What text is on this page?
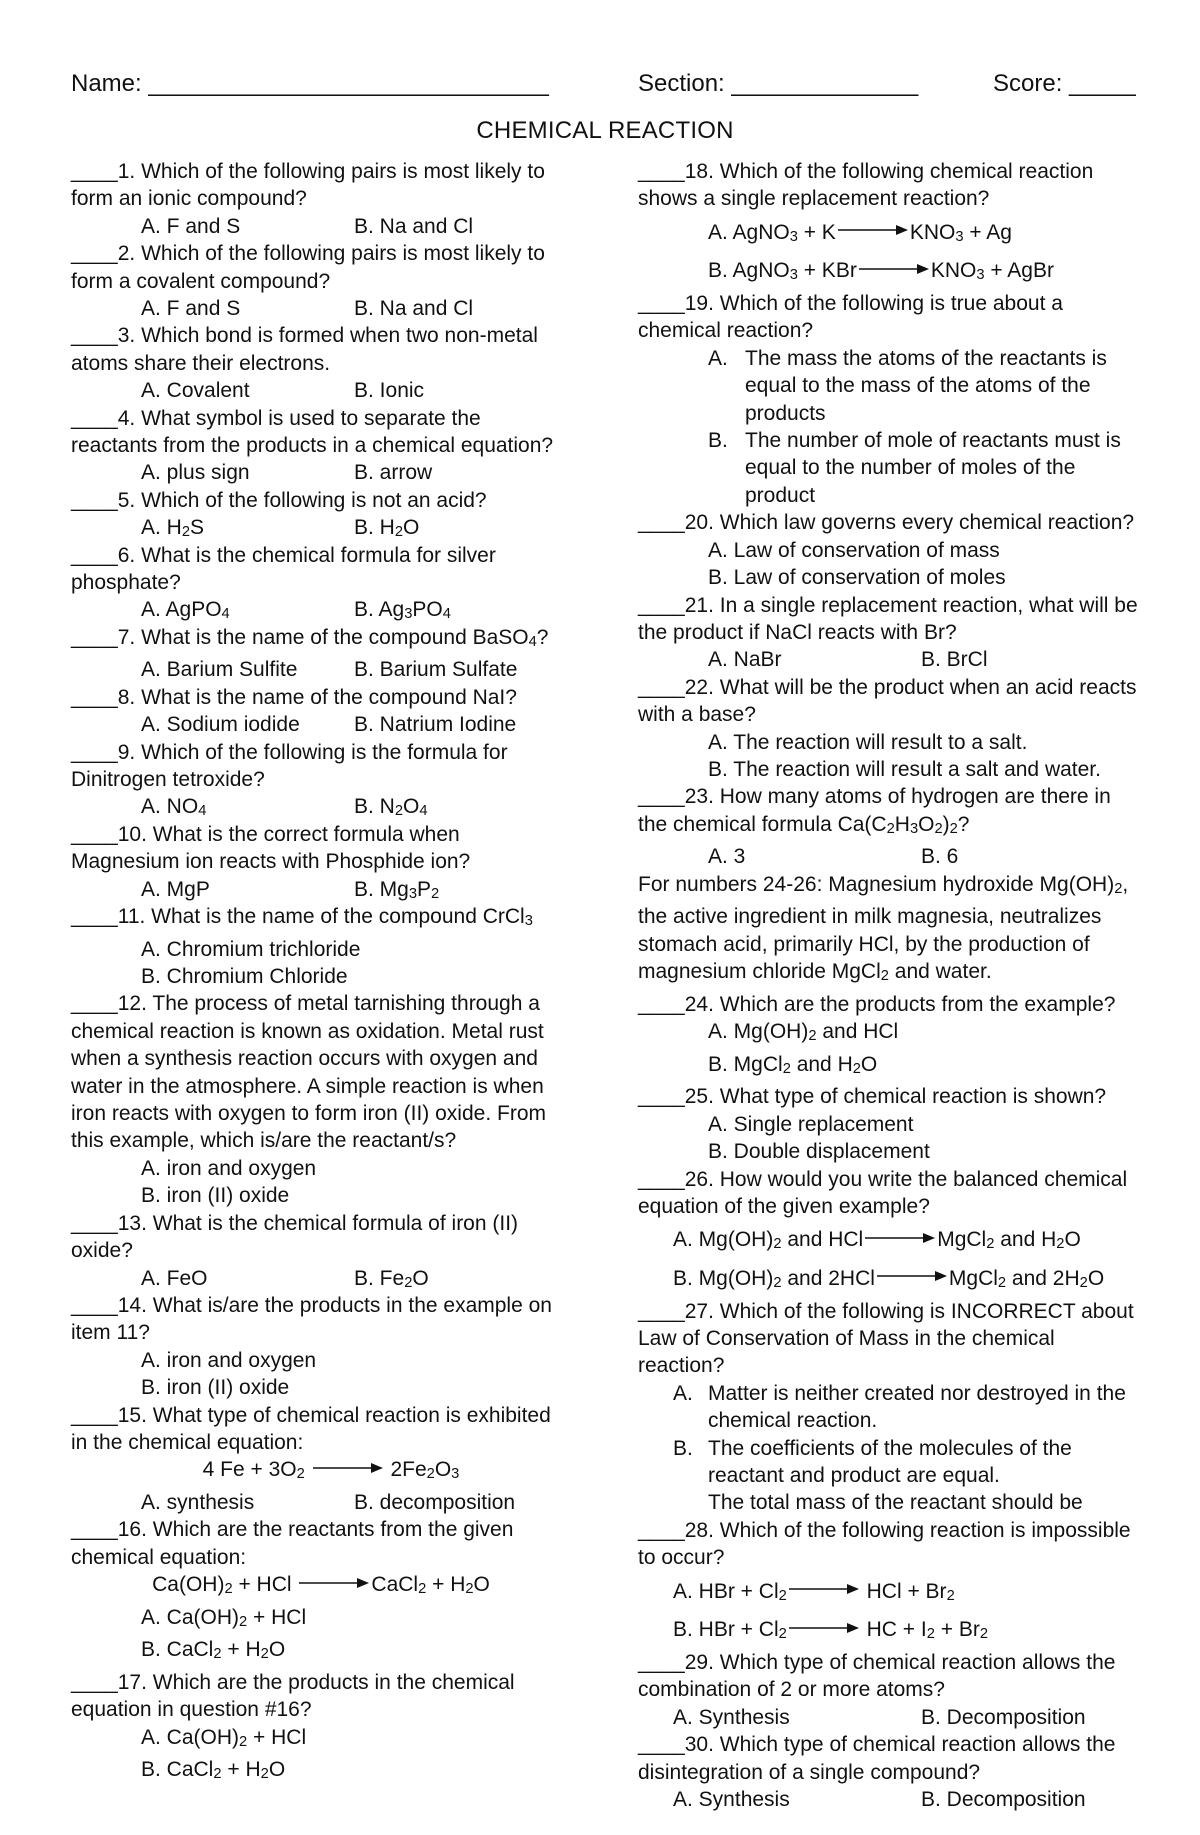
Name: ______________________________	Section: ______________	Score: _____
CHEMICAL REACTION

____1. Which of the following pairs is most likely to form an ionic compound?

A. F and S	B. Na and Cl

____2. Which of the following pairs is most likely to form a covalent compound?

A. F and S	B. Na and Cl

____3. Which bond is formed when two non-metal atoms share their electrons.

A. Covalent	B. Ionic

____4. What symbol is used to separate the reactants from the products in a chemical equation?

A. plus sign	B. arrow

____5. Which of the following is not an acid?

A. $H_2S$	B. $H_2O$

____6. What is the chemical formula for silver phosphate?

A. AgPO$_4$	B. $Ag_3PO_4$

____7. What is the name of the compound BaSO$_4$?

A. Barium Sulfite	B. Barium Sulfate

____8. What is the name of the compound NaI?

A. Sodium iodide	B. Natrium Iodine

____9. Which of the following is the formula for Dinitrogen tetroxide?

A. $NO_4$	B. $N_2O_4$

____10. What is the correct formula when Magnesium ion reacts with Phosphide ion?

A. MgP	B. $Mg_3P_2$

____11. What is the name of the compound CrCl$_3$

A. Chromium trichloride
B. Chromium Chloride

____12. The process of metal tarnishing through a chemical reaction is known as oxidation. Metal rust when a synthesis reaction occurs with oxygen and water in the atmosphere. A simple reaction is when iron reacts with oxygen to form iron (II) oxide. From this example, which is/are the reactant/s?

A. iron and oxygen
B. iron (II) oxide

____13. What is the chemical formula of iron (II) oxide?

A. FeO	B. $Fe_2O$

____14. What is/are the products in the example on item 11?

A. iron and oxygen
B. iron (II) oxide

____15. What type of chemical reaction is exhibited in the chemical equation:

4 $Fe + 3O_2 \to 2Fe_2O_3$
A. synthesis	B. decomposition

____16. Which are the reactants from the given chemical equation:

$Ca(OH)_2$ + HCl → CaCl$_2$ + $H_2O$
A. $Ca(OH)_2$ + HCl
B. CaCl$_2$ + $H_2O$

____17. Which are the products in the chemical equation in question #16?

A. $Ca(OH)_2$ + HCl
B. CaCl$_2$ + $H_2O$

____18. Which of the following chemical reaction shows a single replacement reaction?

A. AgNO$_3$ + $K \to KNO_3 + Ag$
B. AgNO$_3$ + KBr → $KNO_3$ + AgBr

____19. Which of the following is true about a chemical reaction?

A. The mass the atoms of the reactants is equal to the mass of the atoms of the products
B. The number of mole of reactants must is equal to the number of moles of the product

____20. Which law governs every chemical reaction?

A. Law of conservation of mass
B. Law of conservation of moles

____21. In a single replacement reaction, what will be the product if NaCl reacts with Br?

A. NaBr	B. BrCl

____22. What will be the product when an acid reacts with a base?

A. The reaction will result to a salt.
B. The reaction will result a salt and water.

____23. How many atoms of hydrogen are there in the chemical formula $Ca(C_2H_3O_2)_2$?

A. 3	B. 6

For numbers 24-26: Magnesium hydroxide $Mg(OH)_2$, the active ingredient in milk magnesia, neutralizes stomach acid, primarily HCl, by the production of magnesium chloride MgCl$_2$ and water.

____24. Which are the products from the example?

A. $Mg(OH)_2$ and HCl
B. MgCl$_2$ and $H_2O$

____25. What type of chemical reaction is shown?

A. Single replacement
B. Double displacement

____26. How would you write the balanced chemical equation of the given example?

A. $Mg(OH)_2$ and HCl → MgCl$_2$ and $H_2O$
B. $Mg(OH)_2$ and 2HCl → MgCl$_2$ and $2H_2O$

____27. Which of the following is INCORRECT about Law of Conservation of Mass in the chemical reaction?

A. Matter is neither created nor destroyed in the chemical reaction.
B. The coefficients of the molecules of the reactant and product are equal.
The total mass of the reactant should be

____28. Which of the following reaction is impossible to occur?

A. HBr + $Cl_2$ → HCl + $Br_2$
B. HBr + $Cl_2$ → HC + $I_2 + Br_2$

____29. Which type of chemical reaction allows the combination of 2 or more atoms?

A. Synthesis	B. Decomposition

____30. Which type of chemical reaction allows the disintegration of a single compound?

A. Synthesis	B. Decomposition
